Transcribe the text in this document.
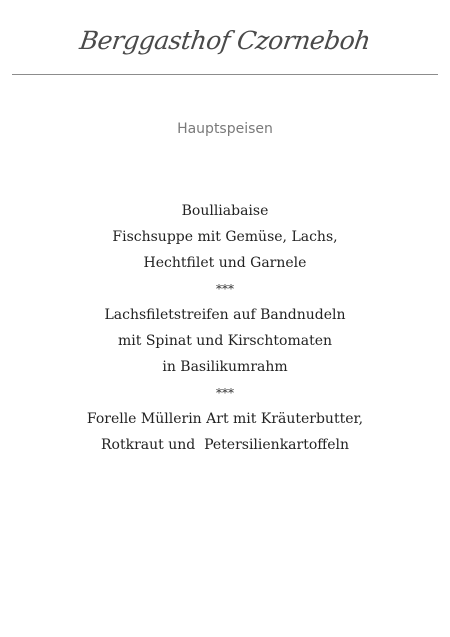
Berggasthof Czorneboh
Hauptspeisen
Boulliabaise
Fischsuppe mit Gemüse, Lachs,
Hechtfilet und Garnele
***
Lachsfiletstreifen auf Bandnudeln
mit Spinat und Kirschtomaten
in Basilikumrahm
***
Forelle Müllerin Art mit Kräuterbutter,
Rotkraut und  Petersilienkartoffeln
